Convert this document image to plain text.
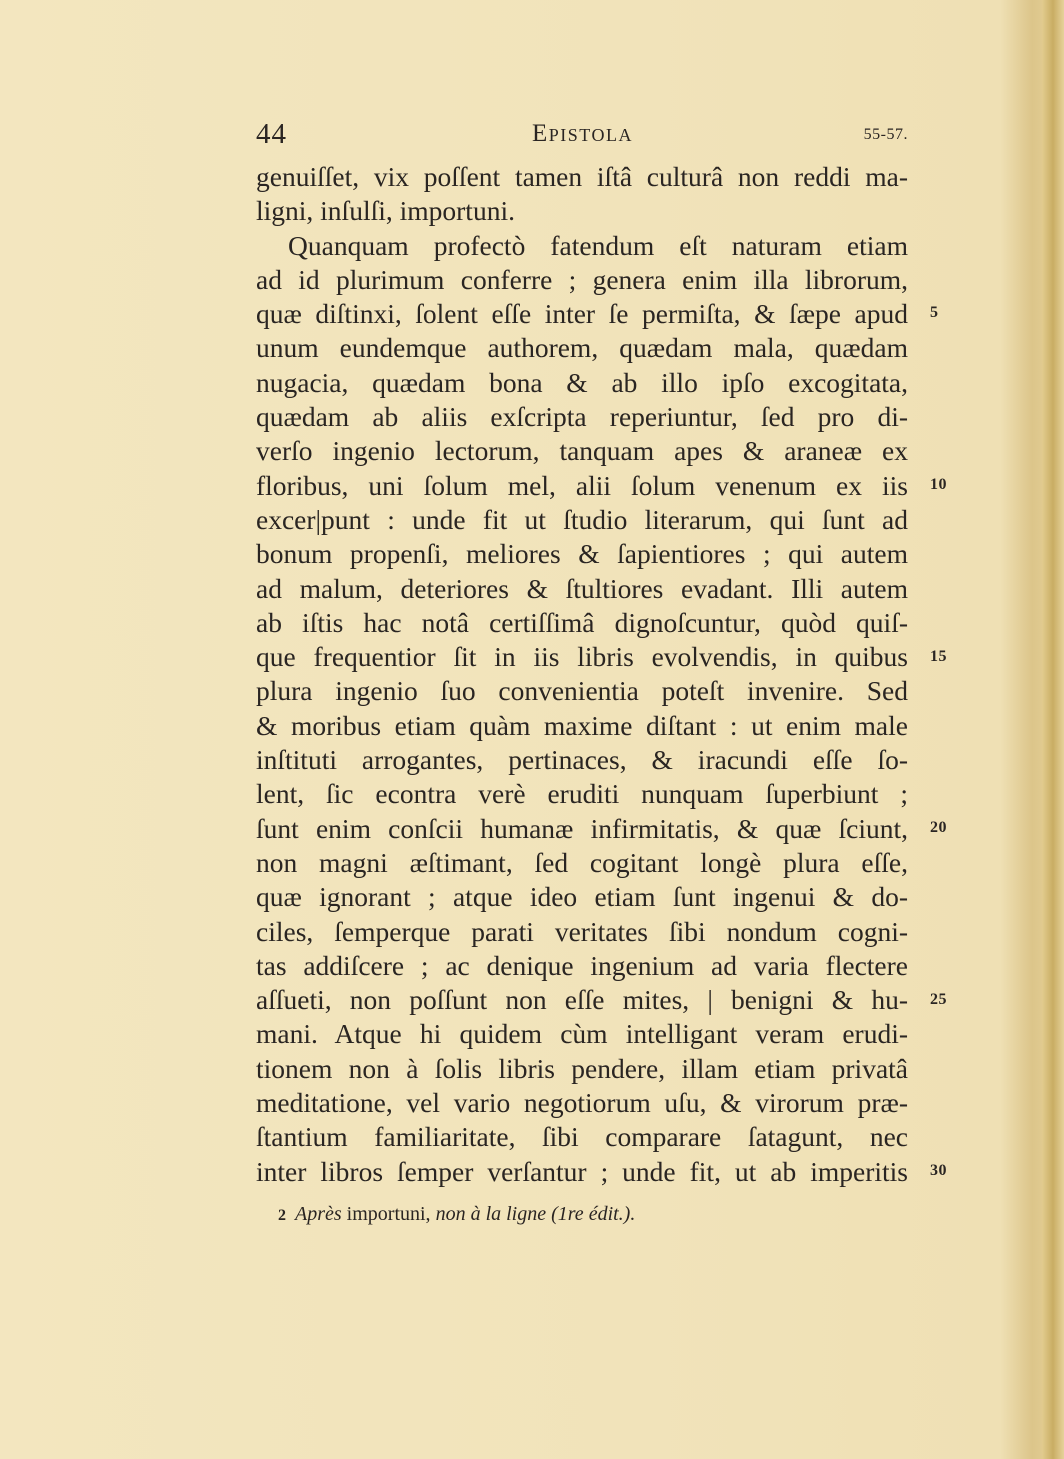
44	Epistola	55-57.
genuiſſet, vix poſſent tamen iſtâ culturâ non reddi ma-
ligni, inſulſi, importuni.
Quanquam profectò fatendum eſt naturam etiam
ad id plurimum conferre ; genera enim illa librorum,
quæ diſtinxi, ſolent eſſe inter ſe permiſta, & ſæpe apud
unum eundemque authorem, quædam mala, quædam
nugacia, quædam bona & ab illo ipſo excogitata,
quædam ab aliis exſcripta reperiuntur, ſed pro di-
verſo ingenio lectorum, tanquam apes & araneæ ex
floribus, uni ſolum mel, alii ſolum venenum ex iis
excer|punt : unde fit ut ſtudio literarum, qui ſunt ad
bonum propenſi, meliores & ſapientiores ; qui autem
ad malum, deteriores & ſtultiores evadant. Illi autem
ab iſtis hac notâ certiſſimâ dignoſcuntur, quòd quiſ-
que frequentior ſit in iis libris evolvendis, in quibus
plura ingenio ſuo convenientia poteſt invenire. Sed
& moribus etiam quàm maxime diſtant : ut enim male
inſtituti arrogantes, pertinaces, & iracundi eſſe ſo-
lent, ſic econtra verè eruditi nunquam ſuperbiunt ;
ſunt enim conſcii humanæ infirmitatis, & quæ ſciunt,
non magni æſtimant, ſed cogitant longè plura eſſe,
quæ ignorant ; atque ideo etiam ſunt ingenui & do-
ciles, ſemperque parati veritates ſibi nondum cogni-
tas addiſcere ; ac denique ingenium ad varia flectere
aſſueti, non poſſunt non eſſe mites, | benigni & hu-
mani. Atque hi quidem cùm intelligant veram erudi-
tionem non à ſolis libris pendere, illam etiam privatâ
meditatione, vel vario negotiorum uſu, & virorum præ-
ſtantium familiaritate, ſibi comparare ſatagunt, nec
inter libros ſemper verſantur ; unde fit, ut ab imperitis
5
10
15
20
25
30
2 Après importuni, non à la ligne (1re édit.).
